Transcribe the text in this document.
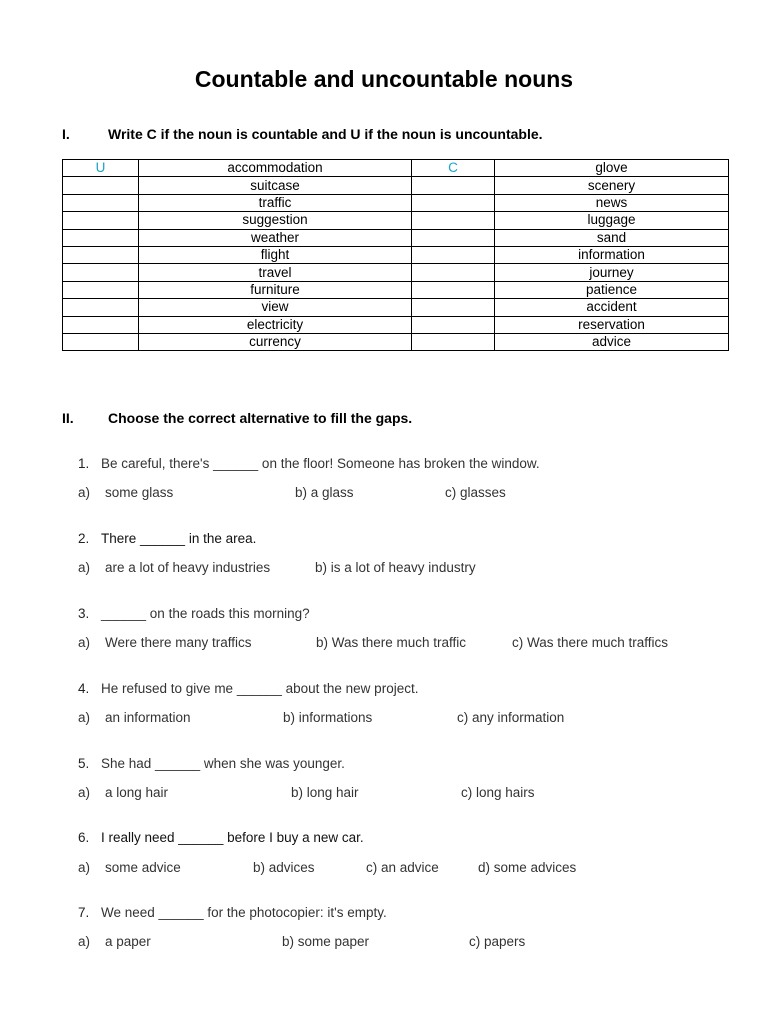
Countable and uncountable nouns
I.	Write C if the noun is countable and U if the noun is uncountable.
U	accommodation	C	glove
	suitcase		scenery
	traffic		news
	suggestion		luggage
	weather		sand
	flight		information
	travel		journey
	furniture		patience
	view		accident
	electricity		reservation
	currency		advice
II. Choose the correct alternative to fill the gaps.
1. Be careful, there's ______ on the floor! Someone has broken the window.
a) some glass	b) a glass	c) glasses
2. There ______ in the area.
a) are a lot of heavy industries	b) is a lot of heavy industry
3. ______ on the roads this morning?
a) Were there many traffics	b) Was there much traffic	c) Was there much traffics
4. He refused to give me ______ about the new project.
a) an information	b) informations	c) any information
5. She had ______ when she was younger.
a) a long hair	b) long hair	c) long hairs
6. I really need ______ before I buy a new car.
a) some advice	b) advices	c) an advice	d) some advices
7. We need ______ for the photocopier: it's empty.
a) a paper	b) some paper	c) papers
